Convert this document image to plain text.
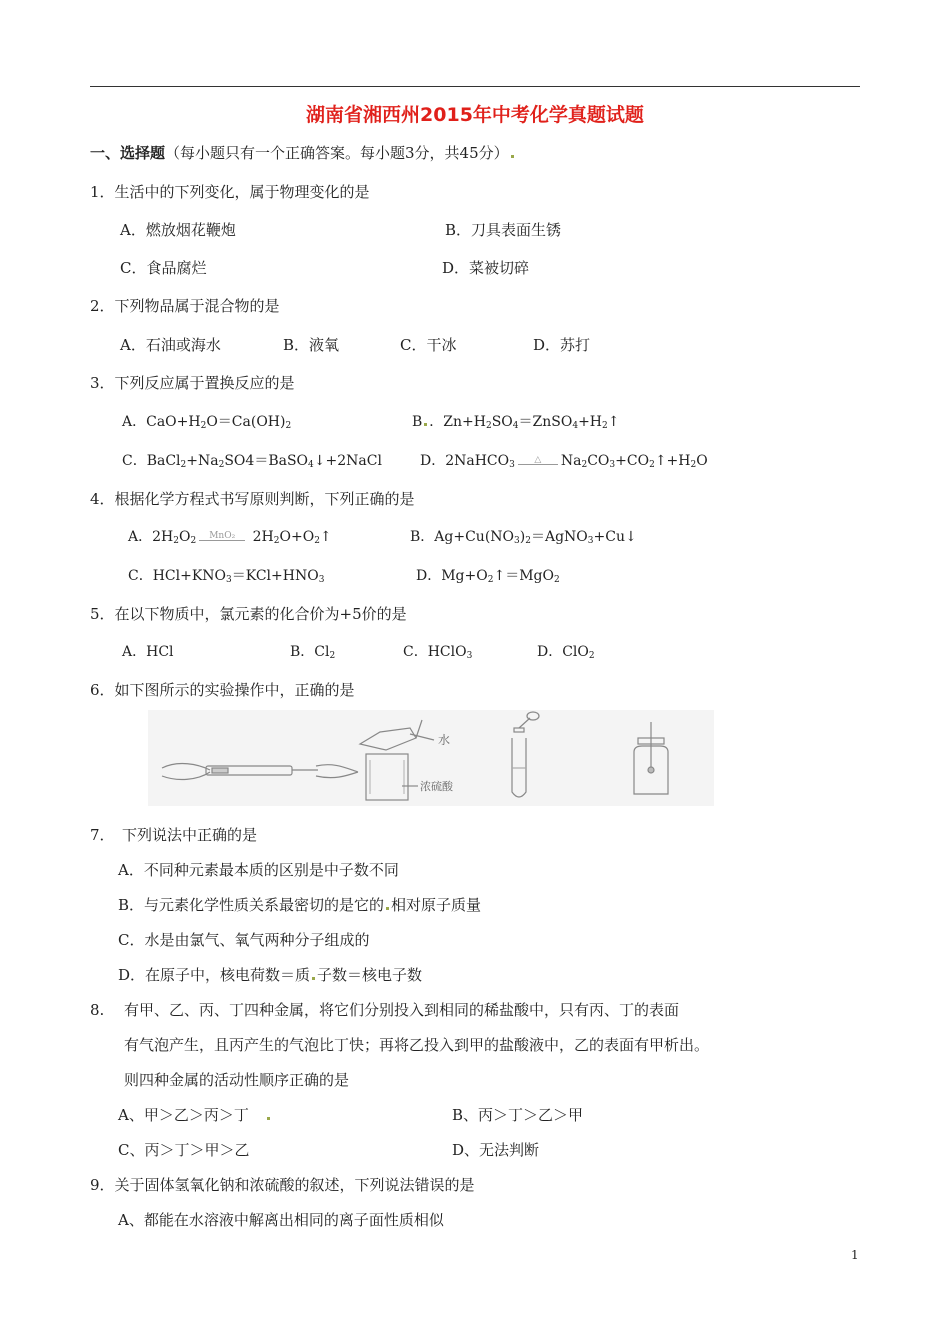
湖南省湘西州2015年中考化学真题试题
一、选择题（每小题只有一个正确答案。每小题3分，共45分）
1．生活中的下列变化，属于物理变化的是
A．燃放烟花鞭炮	B．刀具表面生锈
C．食品腐烂	D．菜被切碎
2．下列物品属于混合物的是
A．石油或海水	B．液氧	C．干冰	D．苏打
3．下列反应属于置换反应的是
A．$CaO+H_2O=Ca(OH)_2$	B ．$Zn+H_2SO_4=ZnSO_4+H_2↑$
C．$BaCl_2+Na_2SO4=BaSO_4↓+2NaCl$	D．2NaHCO$_3$	△	$Na_2CO_3+CO_2↑+H_2O$
4．根据化学方程式书写原则判断，下列正确的是
A．$2H_2O_2$	MnO₂ $2H_2O+O_2↑$	B．$Ag+Cu(NO_3)_2=AgNO_3+Cu↓$
C．$HCl+KNO_3=KCl+HNO_3$	D．$Mg+O_2↑=MgO_2$
5．在以下物质中，氯元素的化合价为+5价的是
A．HCl	B．$Cl_2$	C．HClO$_3$	D．ClO$_2$
6．如下图所示的实验操作中，正确的是
水
浓硫酸
7．　下列说法中正确的是
A．不同种元素最本质的区别是中子数不同
B．与元素化学性质关系最密切的是它的 相对原子质量
C．水是由氯气、氧气两种分子组成的
D．在原子中，核电荷数＝质 子数＝核电子数
8. 有甲、乙、丙、丁四种金属，将它们分别投入到相同的稀盐酸中，只有丙、丁的表面
有气泡产生，且丙产生的气泡比丁快；再将乙投入到甲的盐酸液中，乙的表面有甲析出。
则四种金属的活动性顺序正确的是
A、甲＞乙＞丙＞丁	B、丙＞丁＞乙＞甲
C、丙＞丁＞甲＞乙	D、无法判断
9．关于固体氢氧化钠和浓硫酸的叙述，下列说法错误的是
A、都能在水溶液中解离出相同的离子面性质相似
1
